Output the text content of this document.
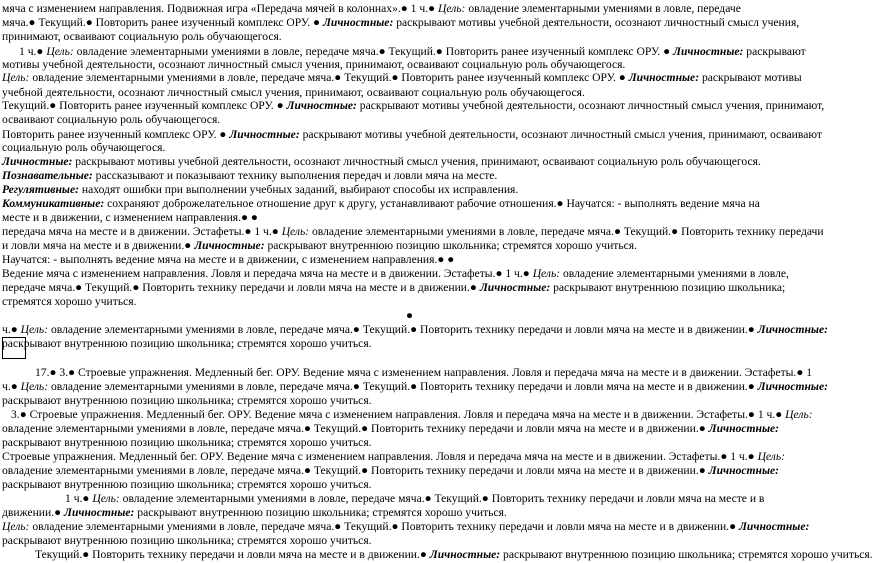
мяча с изменением направления. Подвижная игра «Передача мячей в колоннах».● 1 ч.● Цель: овладение элементарными умениями в ловле, передаче
мяча.● Текущий.● Повторить ранее изученный комплекс ОРУ. ● Личностные: раскрывают мотивы учебной деятельности, осознают личностный смысл учения,
принимают, осваивают социальную роль обучающегося.
1 ч.● Цель: овладение элементарными умениями в ловле, передаче мяча.● Текущий.● Повторить ранее изученный комплекс ОРУ. ● Личностные: раскрывают
мотивы учебной деятельности, осознают личностный смысл учения, принимают, осваивают социальную роль обучающегося.
Цель: овладение элементарными умениями в ловле, передаче мяча.● Текущий.● Повторить ранее изученный комплекс ОРУ. ● Личностные: раскрывают мотивы
учебной деятельности, осознают личностный смысл учения, принимают, осваивают социальную роль обучающегося.
Текущий.● Повторить ранее изученный комплекс ОРУ. ● Личностные: раскрывают мотивы учебной деятельности, осознают личностный смысл учения, принимают,
осваивают социальную роль обучающегося.
Повторить ранее изученный комплекс ОРУ. ● Личностные: раскрывают мотивы учебной деятельности, осознают личностный смысл учения, принимают, осваивают
социальную роль обучающегося.
Личностные: раскрывают мотивы учебной деятельности, осознают личностный смысл учения, принимают, осваивают социальную роль обучающегося.
Познавательные: рассказывают и показывают технику выполнения передач и ловли мяча на месте.
Регулятивные: находят ошибки при выполнении учебных заданий, выбирают способы их исправления.
Коммуникативные: сохраняют доброжелательное отношение друг к другу, устанавливают рабочие отношения.● Научатся: - выполнять ведение мяча на
месте и в движении, с изменением направления.● ●
передача мяча на месте и в движении. Эстафеты.● 1 ч.● Цель: овладение элементарными умениями в ловле, передаче мяча.● Текущий.● Повторить технику передачи
и ловли мяча на месте и в движении.● Личностные: раскрывают внутреннюю позицию школьника; стремятся хорошо учиться.
Научатся: - выполнять ведение мяча на месте и в движении, с изменением направления.● ●
Ведение мяча с изменением направления. Ловля и передача мяча на месте и в движении. Эстафеты.● 1 ч.● Цель: овладение элементарными умениями в ловле,
передаче мяча.● Текущий.● Повторить технику передачи и ловли мяча на месте и в движении.● Личностные: раскрывают внутреннюю позицию школьника;
стремятся хорошо учиться.
●
ч.● Цель: овладение элементарными умениями в ловле, передаче мяча.● Текущий.● Повторить технику передачи и ловли мяча на месте и в движении.● Личностные:
раскрывают внутреннюю позицию школьника; стремятся хорошо учиться.
17.● 3.● Строевые упражнения. Медленный бег. ОРУ. Ведение мяча с изменением направления. Ловля и передача мяча на месте и в движении. Эстафеты.● 1
ч.● Цель: овладение элементарными умениями в ловле, передаче мяча.● Текущий.● Повторить технику передачи и ловли мяча на месте и в движении.● Личностные:
раскрывают внутреннюю позицию школьника; стремятся хорошо учиться.
3.● Строевые упражнения. Медленный бег. ОРУ. Ведение мяча с изменением направления. Ловля и передача мяча на месте и в движении. Эстафеты.● 1 ч.● Цель:
овладение элементарными умениями в ловле, передаче мяча.● Текущий.● Повторить технику передачи и ловли мяча на месте и в движении.● Личностные:
раскрывают внутреннюю позицию школьника; стремятся хорошо учиться.
Строевые упражнения. Медленный бег. ОРУ. Ведение мяча с изменением направления. Ловля и передача мяча на месте и в движении. Эстафеты.● 1 ч.● Цель:
овладение элементарными умениями в ловле, передаче мяча.● Текущий.● Повторить технику передачи и ловли мяча на месте и в движении.● Личностные:
раскрывают внутреннюю позицию школьника; стремятся хорошо учиться.
1 ч.● Цель: овладение элементарными умениями в ловле, передаче мяча.● Текущий.● Повторить технику передачи и ловли мяча на месте и в
движении.● Личностные: раскрывают внутреннюю позицию школьника; стремятся хорошо учиться.
Цель: овладение элементарными умениями в ловле, передаче мяча.● Текущий.● Повторить технику передачи и ловли мяча на месте и в движении.● Личностные:
раскрывают внутреннюю позицию школьника; стремятся хорошо учиться.
Текущий.● Повторить технику передачи и ловли мяча на месте и в движении.● Личностные: раскрывают внутреннюю позицию школьника; стремятся хорошо учиться.
